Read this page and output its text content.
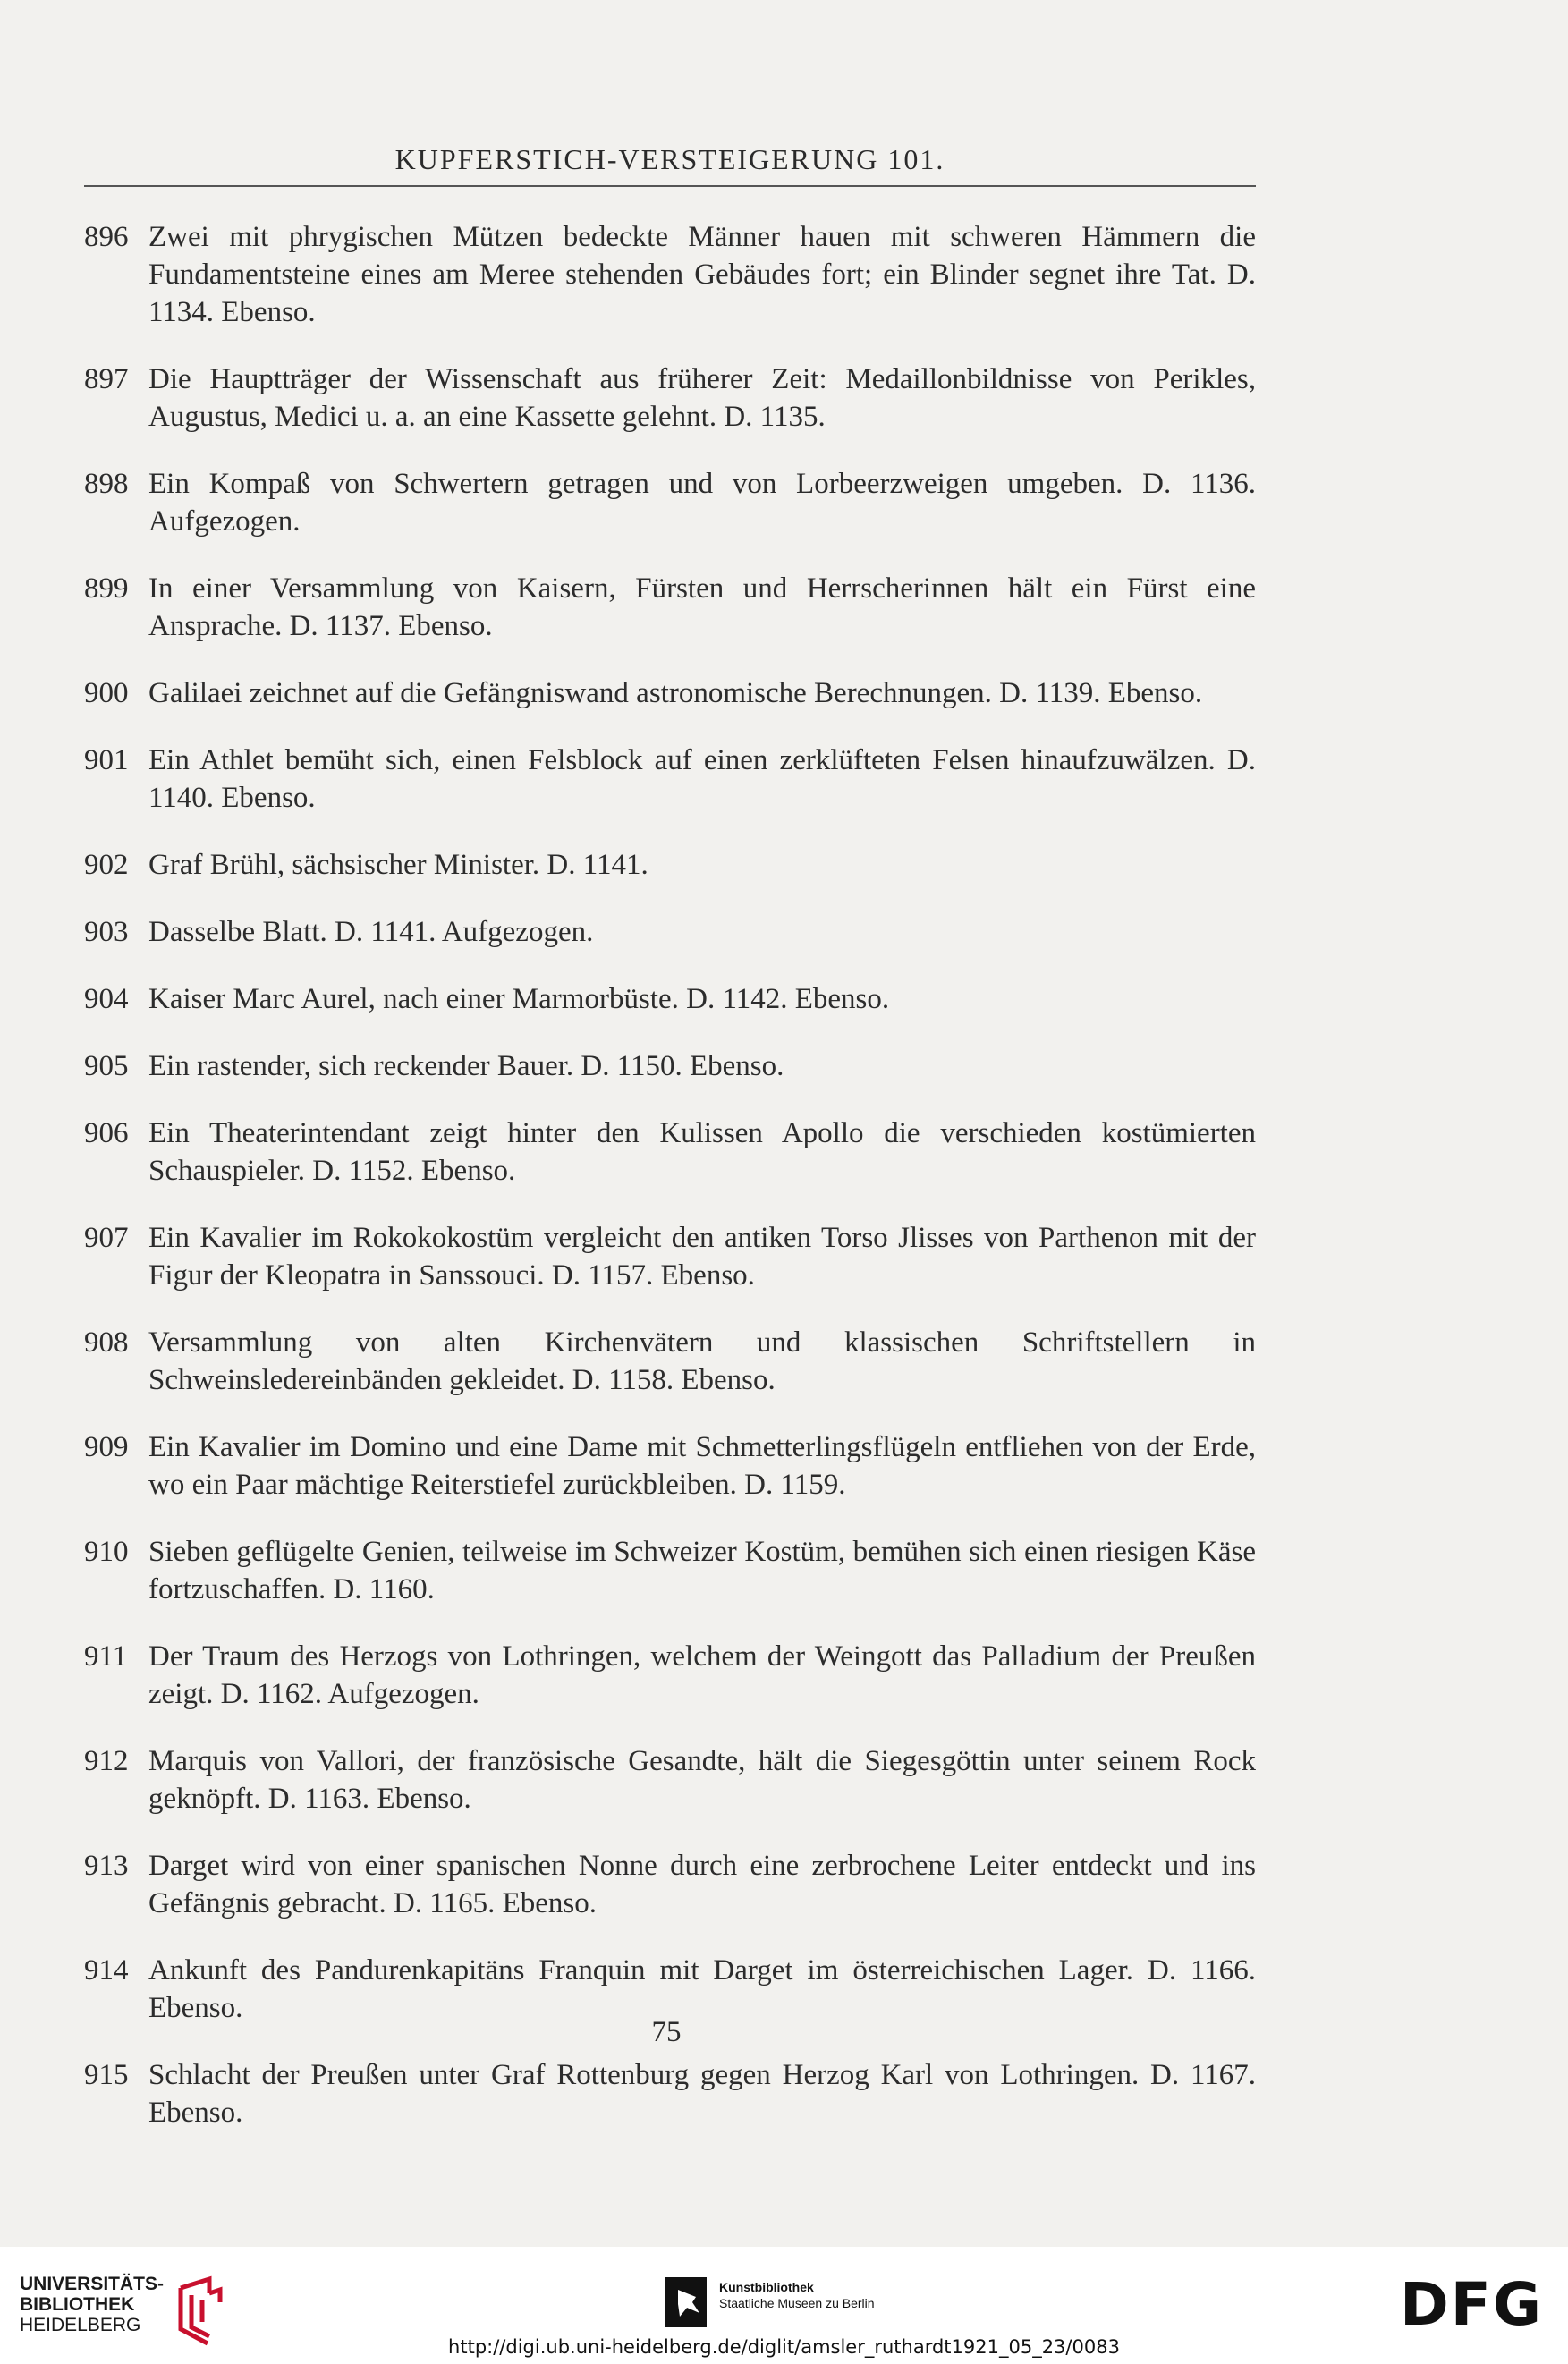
KUPFERSTICH-VERSTEIGERUNG 101.
896 Zwei mit phrygischen Mützen bedeckte Männer hauen mit schweren Hämmern die Fundamentsteine eines am Meree stehenden Gebäudes fort; ein Blinder segnet ihre Tat. D. 1134. Ebenso.
897 Die Hauptträger der Wissenschaft aus früherer Zeit: Medaillonbildnisse von Perikles, Augustus, Medici u. a. an eine Kassette gelehnt. D. 1135.
898 Ein Kompaß von Schwertern getragen und von Lorbeerzweigen umgeben. D. 1136. Aufgezogen.
899 In einer Versammlung von Kaisern, Fürsten und Herrscherinnen hält ein Fürst eine Ansprache. D. 1137. Ebenso.
900 Galilaei zeichnet auf die Gefängniswand astronomische Berechnungen. D. 1139. Ebenso.
901 Ein Athlet bemüht sich, einen Felsblock auf einen zerklüfteten Felsen hinaufzuwälzen. D. 1140. Ebenso.
902 Graf Brühl, sächsischer Minister. D. 1141.
903 Dasselbe Blatt. D. 1141. Aufgezogen.
904 Kaiser Marc Aurel, nach einer Marmorbüste. D. 1142. Ebenso.
905 Ein rastender, sich reckender Bauer. D. 1150. Ebenso.
906 Ein Theaterintendant zeigt hinter den Kulissen Apollo die verschieden kostümierten Schauspieler. D. 1152. Ebenso.
907 Ein Kavalier im Rokokokostüm vergleicht den antiken Torso Jlisses von Parthenon mit der Figur der Kleopatra in Sanssouci. D. 1157. Ebenso.
908 Versammlung von alten Kirchenvätern und klassischen Schriftstellern in Schweinsledereinbänden gekleidet. D. 1158. Ebenso.
909 Ein Kavalier im Domino und eine Dame mit Schmetterlingsflügeln entfliehen von der Erde, wo ein Paar mächtige Reiterstiefel zurückbleiben. D. 1159.
910 Sieben geflügelte Genien, teilweise im Schweizer Kostüm, bemühen sich einen riesigen Käse fortzuschaffen. D. 1160.
911 Der Traum des Herzogs von Lothringen, welchem der Weingott das Palladium der Preußen zeigt. D. 1162. Aufgezogen.
912 Marquis von Vallori, der französische Gesandte, hält die Siegesgöttin unter seinem Rock geknöpft. D. 1163. Ebenso.
913 Darget wird von einer spanischen Nonne durch eine zerbrochene Leiter entdeckt und ins Gefängnis gebracht. D. 1165. Ebenso.
914 Ankunft des Pandurenkapitäns Franquin mit Darget im österreichischen Lager. D. 1166. Ebenso.
915 Schlacht der Preußen unter Graf Rottenburg gegen Herzog Karl von Lothringen. D. 1167. Ebenso.
75
UNIVERSITÄTS-
BIBLIOTHEK
HEIDELBERG
Kunstbibliothek
Staatliche Museen zu Berlin	DFG
http://digi.ub.uni-heidelberg.de/diglit/amsler_ruthardt1921_05_23/0083
